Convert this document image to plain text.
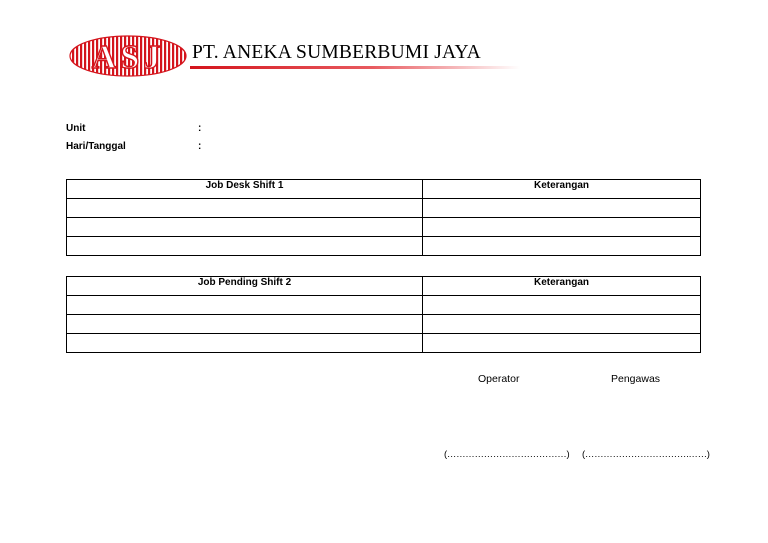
ASJ PT. ANEKA SUMBERBUMI JAYA
Unit	:
Hari/Tanggal	:
Job Desk Shift 1	Keterangan

Job Pending Shift 2	Keterangan

Operator	Pengawas
(…………………………………) (…………………………….……)
